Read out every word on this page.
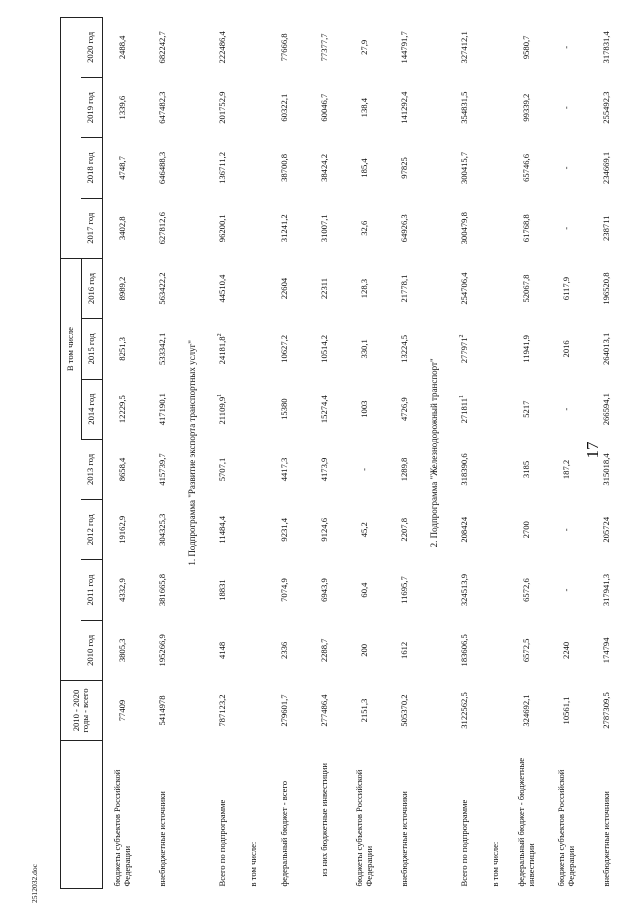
17
2512032.doc
	2010 - 2020 годы - всего					В том числе						
		2010 год	2011 год	2012 год	2013 год	2014 год	2015 год	2016 год	2017 год	2018 год	2019 год	2020 год
бюджеты субъектов Российской Федерации	77409	3805,3	4332,9	19162,9	8658,4	12229,5	8251,3	8989,2	3402,8	4748,7	1339,6	2488,4
внебюджетные источники	5414978	195266,9	381665,8	304325,3	415739,7	417190,1	533342,1	563422,2	627812,6	646488,3	647482,3	682242,7
1. Подпрограмма "Развитие экспорта транспортных услуг"												
Всего по подпрограмме	787123,2	4148	18831	11484,4	5707,1	21109,9$^1$	24181,8$^2$	44510,4	96200,1	136711,2	201752,9	222486,4
в том числе:												
федеральный бюджет - всего	279601,7	2336	7074,9	9231,4	4417,3	15380	10627,2	22604	31241,2	38700,8	60322,1	77666,8
из них бюджетные инвестиции	277486,4	2288,7	6943,9	9124,6	4173,9	15274,4	10514,2	22311	31007,1	38424,2	60046,7	77377,7
бюджеты субъектов Российской Федерации	2151,3	200	60,4	45,2	-	1003	330,1	128,3	32,6	185,4	138,4	27,9
внебюджетные источники	505370,2	1612	11695,7	2207,8	1289,8	4726,9	13224,5	21778,1	64926,3	97825	141292,4	144791,7
2. Подпрограмма "Железнодорожный транспорт"												
Всего по подпрограмме	3122562,5	183606,5	324513,9	208424	318390,6	271811$^1$	277971$^2$	254706,4	300479,8	300415,7	354831,5	327412,1
в том числе:												
федеральный бюджет - бюджетные инвестиции	324692,1	6572,5	6572,6	2700	3185	5217	11941,9	52067,8	61768,8	65746,6	99339,2	9580,7
бюджеты субъектов Российской Федерации	10561,1	2240	-	-	187,2	-	2016	6117,9	-	-	-	-
внебюджетные источники	2787309,5	174794	317941,3	205724	315018,4	266594,1	264013,1	196520,8	238711	234669,1	255492,3	317831,4
